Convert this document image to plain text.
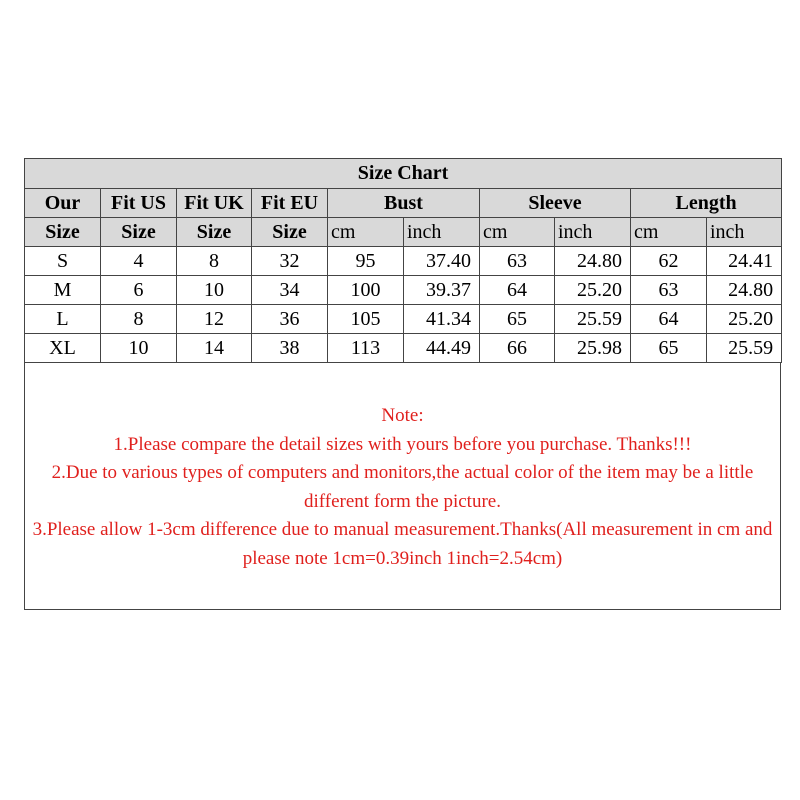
Size Chart									
Our	Fit US	Fit UK	Fit EU	Bust		Sleeve		Length	
Size	Size	Size	Size	cm	inch	cm	inch	cm	inch
S	4	8	32	95	37.40	63	24.80	62	24.41
M	6	10	34	100	39.37	64	25.20	63	24.80
L	8	12	36	105	41.34	65	25.59	64	25.20
XL	10	14	38	113	44.49	66	25.98	65	25.59

Note:

1.Please compare the detail sizes with yours before you purchase. Thanks!!!

2.Due to various types of computers and monitors,the actual color of the item may be a little different form the picture.

3.Please allow 1-3cm difference due to manual measurement.Thanks(All measurement in cm and please note 1cm=0.39inch 1inch=2.54cm)
